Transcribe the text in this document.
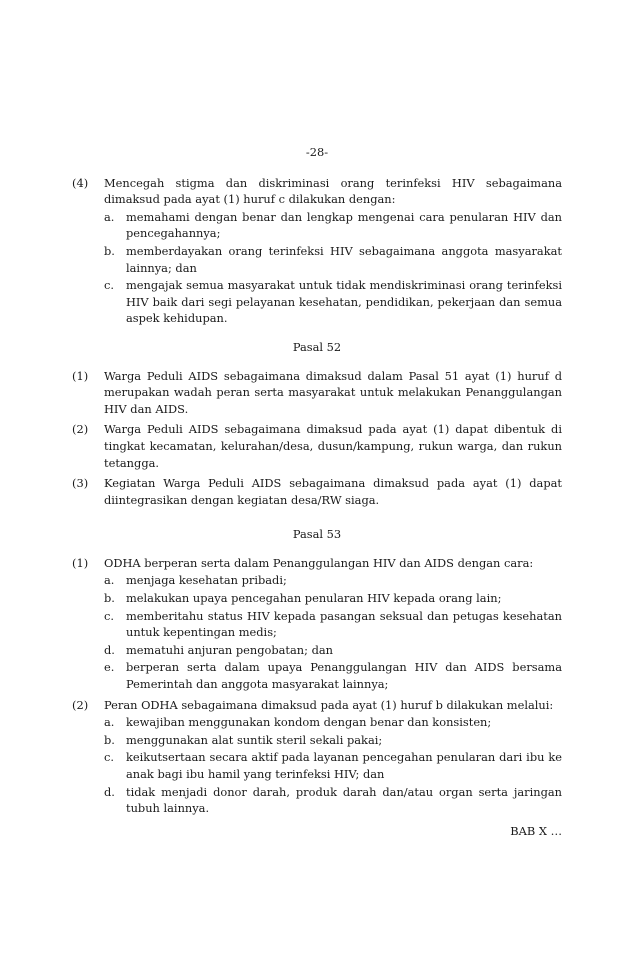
-28-
(4)	Mencegah stigma dan diskriminasi orang terinfeksi HIV sebagaimana dimaksud pada ayat (1) huruf c dilakukan dengan:
a.	memahami dengan benar dan lengkap mengenai cara penularan HIV dan pencegahannya;
b. memberdayakan orang terinfeksi HIV sebagaimana anggota masyarakat lainnya; dan
c.	mengajak semua masyarakat untuk tidak mendiskriminasi orang terinfeksi HIV baik dari segi pelayanan kesehatan, pendidikan, pekerjaan dan semua aspek kehidupan.
Pasal 52
(1)	Warga Peduli AIDS sebagaimana dimaksud dalam Pasal 51 ayat (1) huruf d merupakan wadah peran serta masyarakat untuk melakukan Penanggulangan HIV dan AIDS.
(2)	Warga Peduli AIDS sebagaimana dimaksud pada ayat (1) dapat dibentuk di tingkat kecamatan, kelurahan/desa, dusun/kampung, rukun warga, dan rukun tetangga.
(3)	Kegiatan Warga Peduli AIDS sebagaimana dimaksud pada ayat (1) dapat diintegrasikan dengan kegiatan desa/RW siaga.
Pasal 53
(1)	ODHA berperan serta dalam Penanggulangan HIV dan AIDS dengan cara:
a.	menjaga kesehatan pribadi;
b. melakukan upaya pencegahan penularan HIV kepada orang lain;
c.	memberitahu status HIV kepada pasangan seksual dan petugas kesehatan untuk kepentingan medis;
d. mematuhi anjuran pengobatan; dan
e.	berperan serta dalam upaya Penanggulangan HIV dan AIDS bersama Pemerintah dan anggota masyarakat lainnya;
(2)	Peran ODHA sebagaimana dimaksud pada ayat (1) huruf b dilakukan melalui:
a.	kewajiban menggunakan kondom dengan benar dan konsisten;
b. menggunakan alat suntik steril sekali pakai;
c.	keikutsertaan secara aktif pada layanan pencegahan penularan dari ibu ke anak bagi ibu hamil yang terinfeksi HIV; dan
d. tidak menjadi donor darah, produk darah dan/atau organ serta jaringan tubuh lainnya.
BAB X …
